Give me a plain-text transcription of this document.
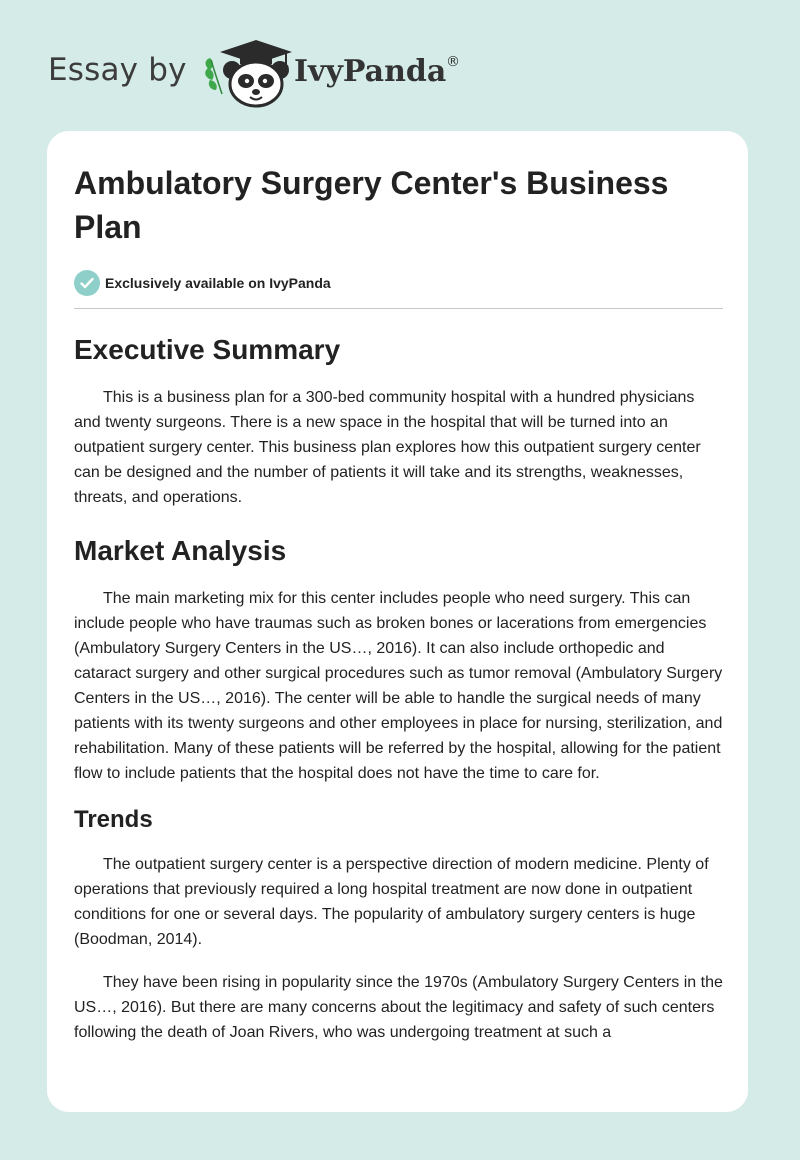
Essay by	IvyPanda ®
Ambulatory Surgery Center's Business Plan
Exclusively available on IvyPanda
Executive Summary

This is a business plan for a 300-bed community hospital with a hundred physicians and twenty surgeons. There is a new space in the hospital that will be turned into an outpatient surgery center. This business plan explores how this outpatient surgery center can be designed and the number of patients it will take and its strengths, weaknesses, threats, and operations.

Market Analysis

The main marketing mix for this center includes people who need surgery. This can include people who have traumas such as broken bones or lacerations from emergencies (Ambulatory Surgery Centers in the US…, 2016). It can also include orthopedic and cataract surgery and other surgical procedures such as tumor removal (Ambulatory Surgery Centers in the US…, 2016). The center will be able to handle the surgical needs of many patients with its twenty surgeons and other employees in place for nursing, sterilization, and rehabilitation. Many of these patients will be referred by the hospital, allowing for the patient flow to include patients that the hospital does not have the time to care for.

Trends

The outpatient surgery center is a perspective direction of modern medicine. Plenty of operations that previously required a long hospital treatment are now done in outpatient conditions for one or several days. The popularity of ambulatory surgery centers is huge (Boodman, 2014).

They have been rising in popularity since the 1970s (Ambulatory Surgery Centers in the US…, 2016). But there are many concerns about the legitimacy and safety of such centers following the death of Joan Rivers, who was undergoing treatment at such a
